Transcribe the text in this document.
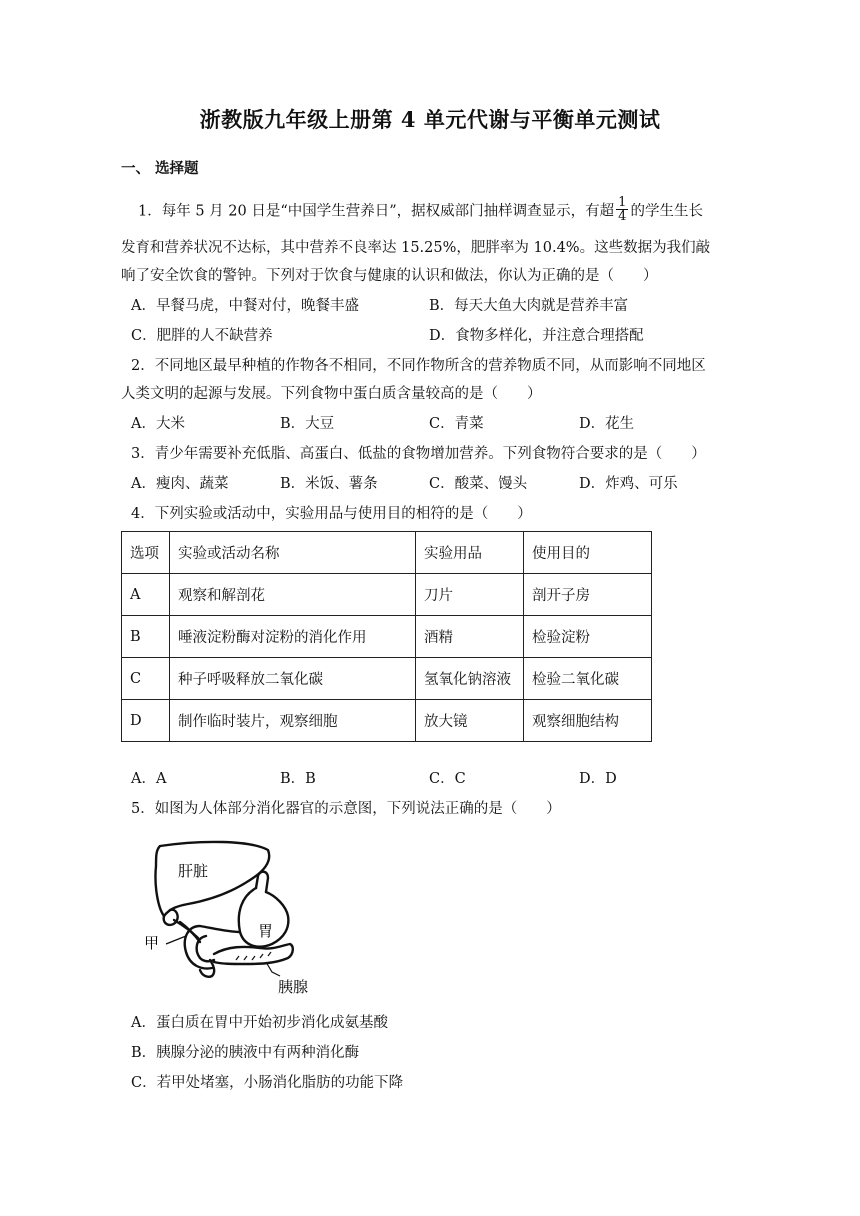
浙教版九年级上册第 4 单元代谢与平衡单元测试
一、 选择题
1．每年 5 月 20 日是“中国学生营养日”，据权威部门抽样调查显示，有超 $\frac{1}{4}$ 的学生生长
发育和营养状况不达标，其中营养不良率达 15.25%，肥胖率为 10.4%。这些数据为我们敲
响了安全饮食的警钟。下列对于饮食与健康的认识和做法，你认为正确的是（　　）
A．早餐马虎，中餐对付，晚餐丰盛	B．每天大鱼大肉就是营养丰富
C．肥胖的人不缺营养	D．食物多样化，并注意合理搭配
2．不同地区最早种植的作物各不相同，不同作物所含的营养物质不同，从而影响不同地区
人类文明的起源与发展。下列食物中蛋白质含量较高的是（　　）
A．大米	B．大豆	C．青菜	D．花生
3．青少年需要补充低脂、高蛋白、低盐的食物增加营养。下列食物符合要求的是（　　）
A．瘦肉、蔬菜	B．米饭、薯条	C．酸菜、馒头	D．炸鸡、可乐
4．下列实验或活动中，实验用品与使用目的相符的是（　　）
选项	实验或活动名称	实验用品	使用目的
A	观察和解剖花	刀片	剖开子房
B	唾液淀粉酶对淀粉的消化作用	酒精	检验淀粉
C	种子呼吸释放二氧化碳	氢氧化钠溶液	检验二氧化碳
D	制作临时装片，观察细胞	放大镜	观察细胞结构
A．A	B．B	C．C	D．D
5．如图为人体部分消化器官的示意图，下列说法正确的是（　　）
肝脏
胃
甲
胰腺
A．蛋白质在胃中开始初步消化成氨基酸
B．胰腺分泌的胰液中有两种消化酶
C．若甲处堵塞，小肠消化脂肪的功能下降
